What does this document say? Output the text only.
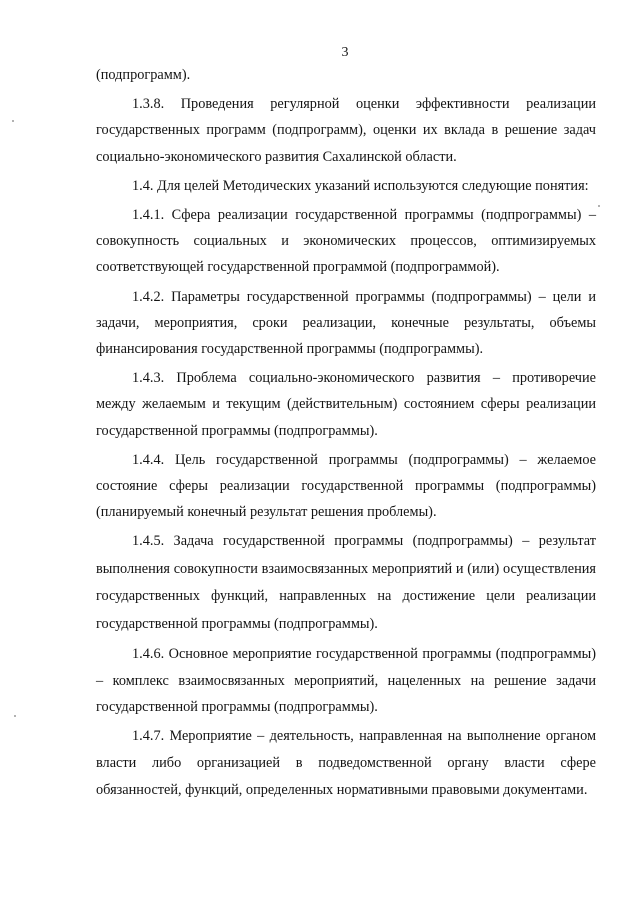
3

(подпрограмм).

1.3.8. Проведения регулярной оценки эффективности реализации государственных программ (подпрограмм), оценки их вклада в решение задач социально-экономического развития Сахалинской области.

1.4. Для целей Методических указаний используются следующие понятия:

1.4.1. Сфера реализации государственной программы (подпрограммы) – совокупность социальных и экономических процессов, оптимизируемых соответствующей государственной программой (подпрограммой).

1.4.2. Параметры государственной программы (подпрограммы) – цели и задачи, мероприятия, сроки реализации, конечные результаты, объемы финансирования государственной программы (подпрограммы).

1.4.3. Проблема социально-экономического развития – противоречие между желаемым и текущим (действительным) состоянием сферы реализации государственной программы (подпрограммы).

1.4.4. Цель государственной программы (подпрограммы) – желаемое состояние сферы реализации государственной программы (подпрограммы) (планируемый конечный результат решения проблемы).

1.4.5. Задача государственной программы (подпрограммы) – результат выполнения совокупности взаимосвязанных мероприятий и (или) осуществления государственных функций, направленных на достижение цели реализации государственной программы (подпрограммы).

1.4.6. Основное мероприятие государственной программы (подпрограммы) – комплекс взаимосвязанных мероприятий, нацеленных на решение задачи государственной программы (подпрограммы).

1.4.7. Мероприятие – деятельность, направленная на выполнение органом власти либо организацией в подведомственной органу власти сфере обязанностей, функций, определенных нормативными правовыми документами.
